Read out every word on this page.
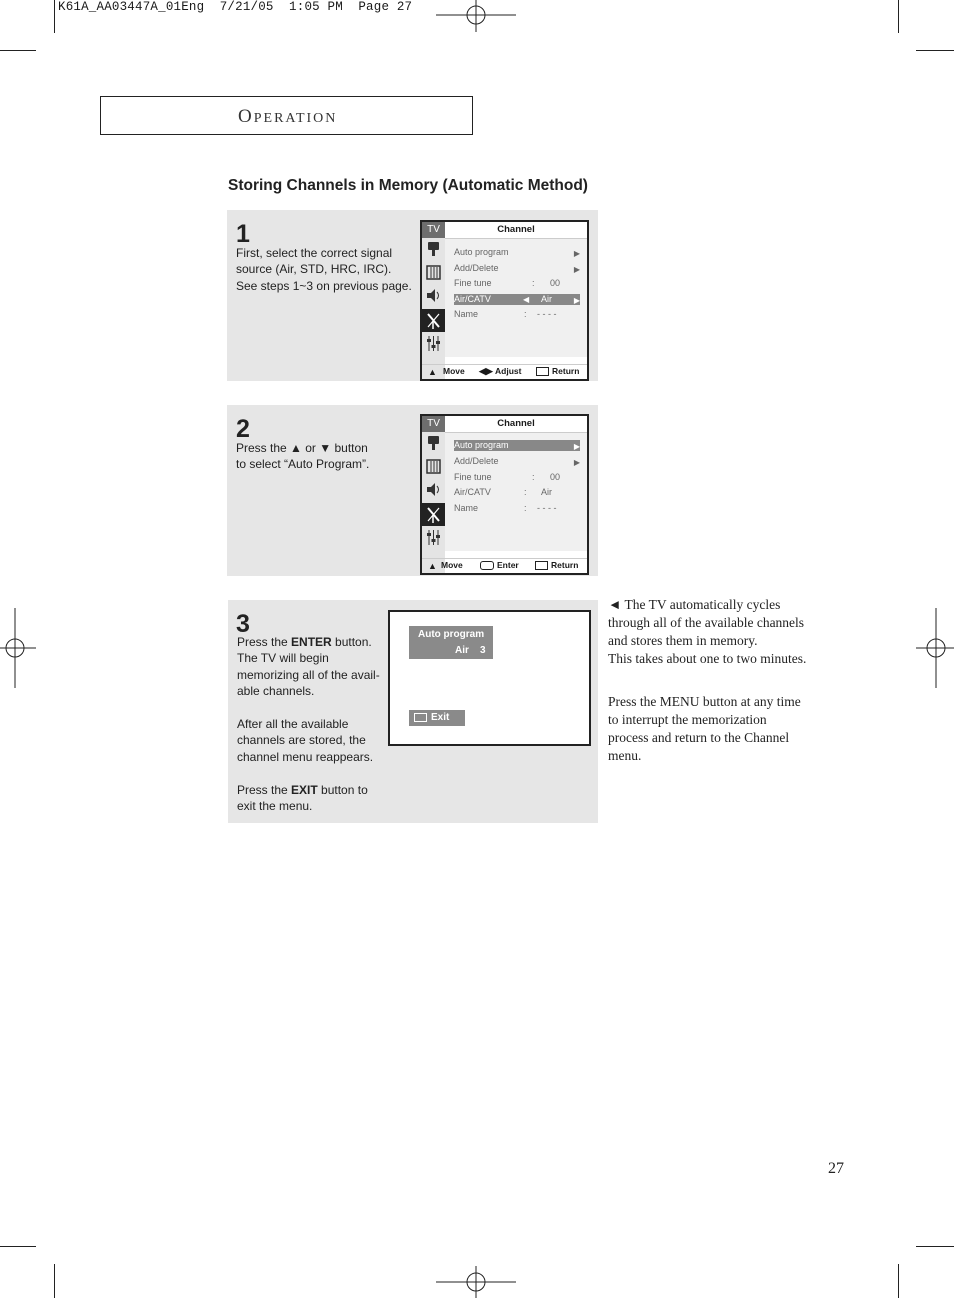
K61A_AA03447A_01Eng  7/21/05  1:05 PM  Page 27
OPERATION
Storing Channels in Memory (Automatic Method)
1
First, select the correct signal
source (Air, STD, HRC, IRC).
See steps 1~3 on previous page.
TV	Channel
Auto program	▶
Add/Delete	▶
Fine tune	: 00
Air/CATV	◀ Air	▶
Name	: - - - -
▲ Move ◀▶ Adjust	Return
2
Press the ▲ or ▼ button
to select “Auto Program”.
TV	Channel
Auto program	▶
Add/Delete	▶
Fine tune	: 00
Air/CATV	: Air
Name	: - - - -
▲ Move	Enter	Return
3
Press the ENTER button.
The TV will begin
memorizing all of the avail-
able channels.
After all the available
channels are stored, the
channel menu reappears.
Press the EXIT button to
exit the menu.
Auto program
Air 3
Exit
◄ The TV automatically cycles
through all of the available channels
and stores them in memory.
This takes about one to two minutes.
Press the MENU button at any time
to interrupt the memorization
process and return to the Channel
menu.
27
